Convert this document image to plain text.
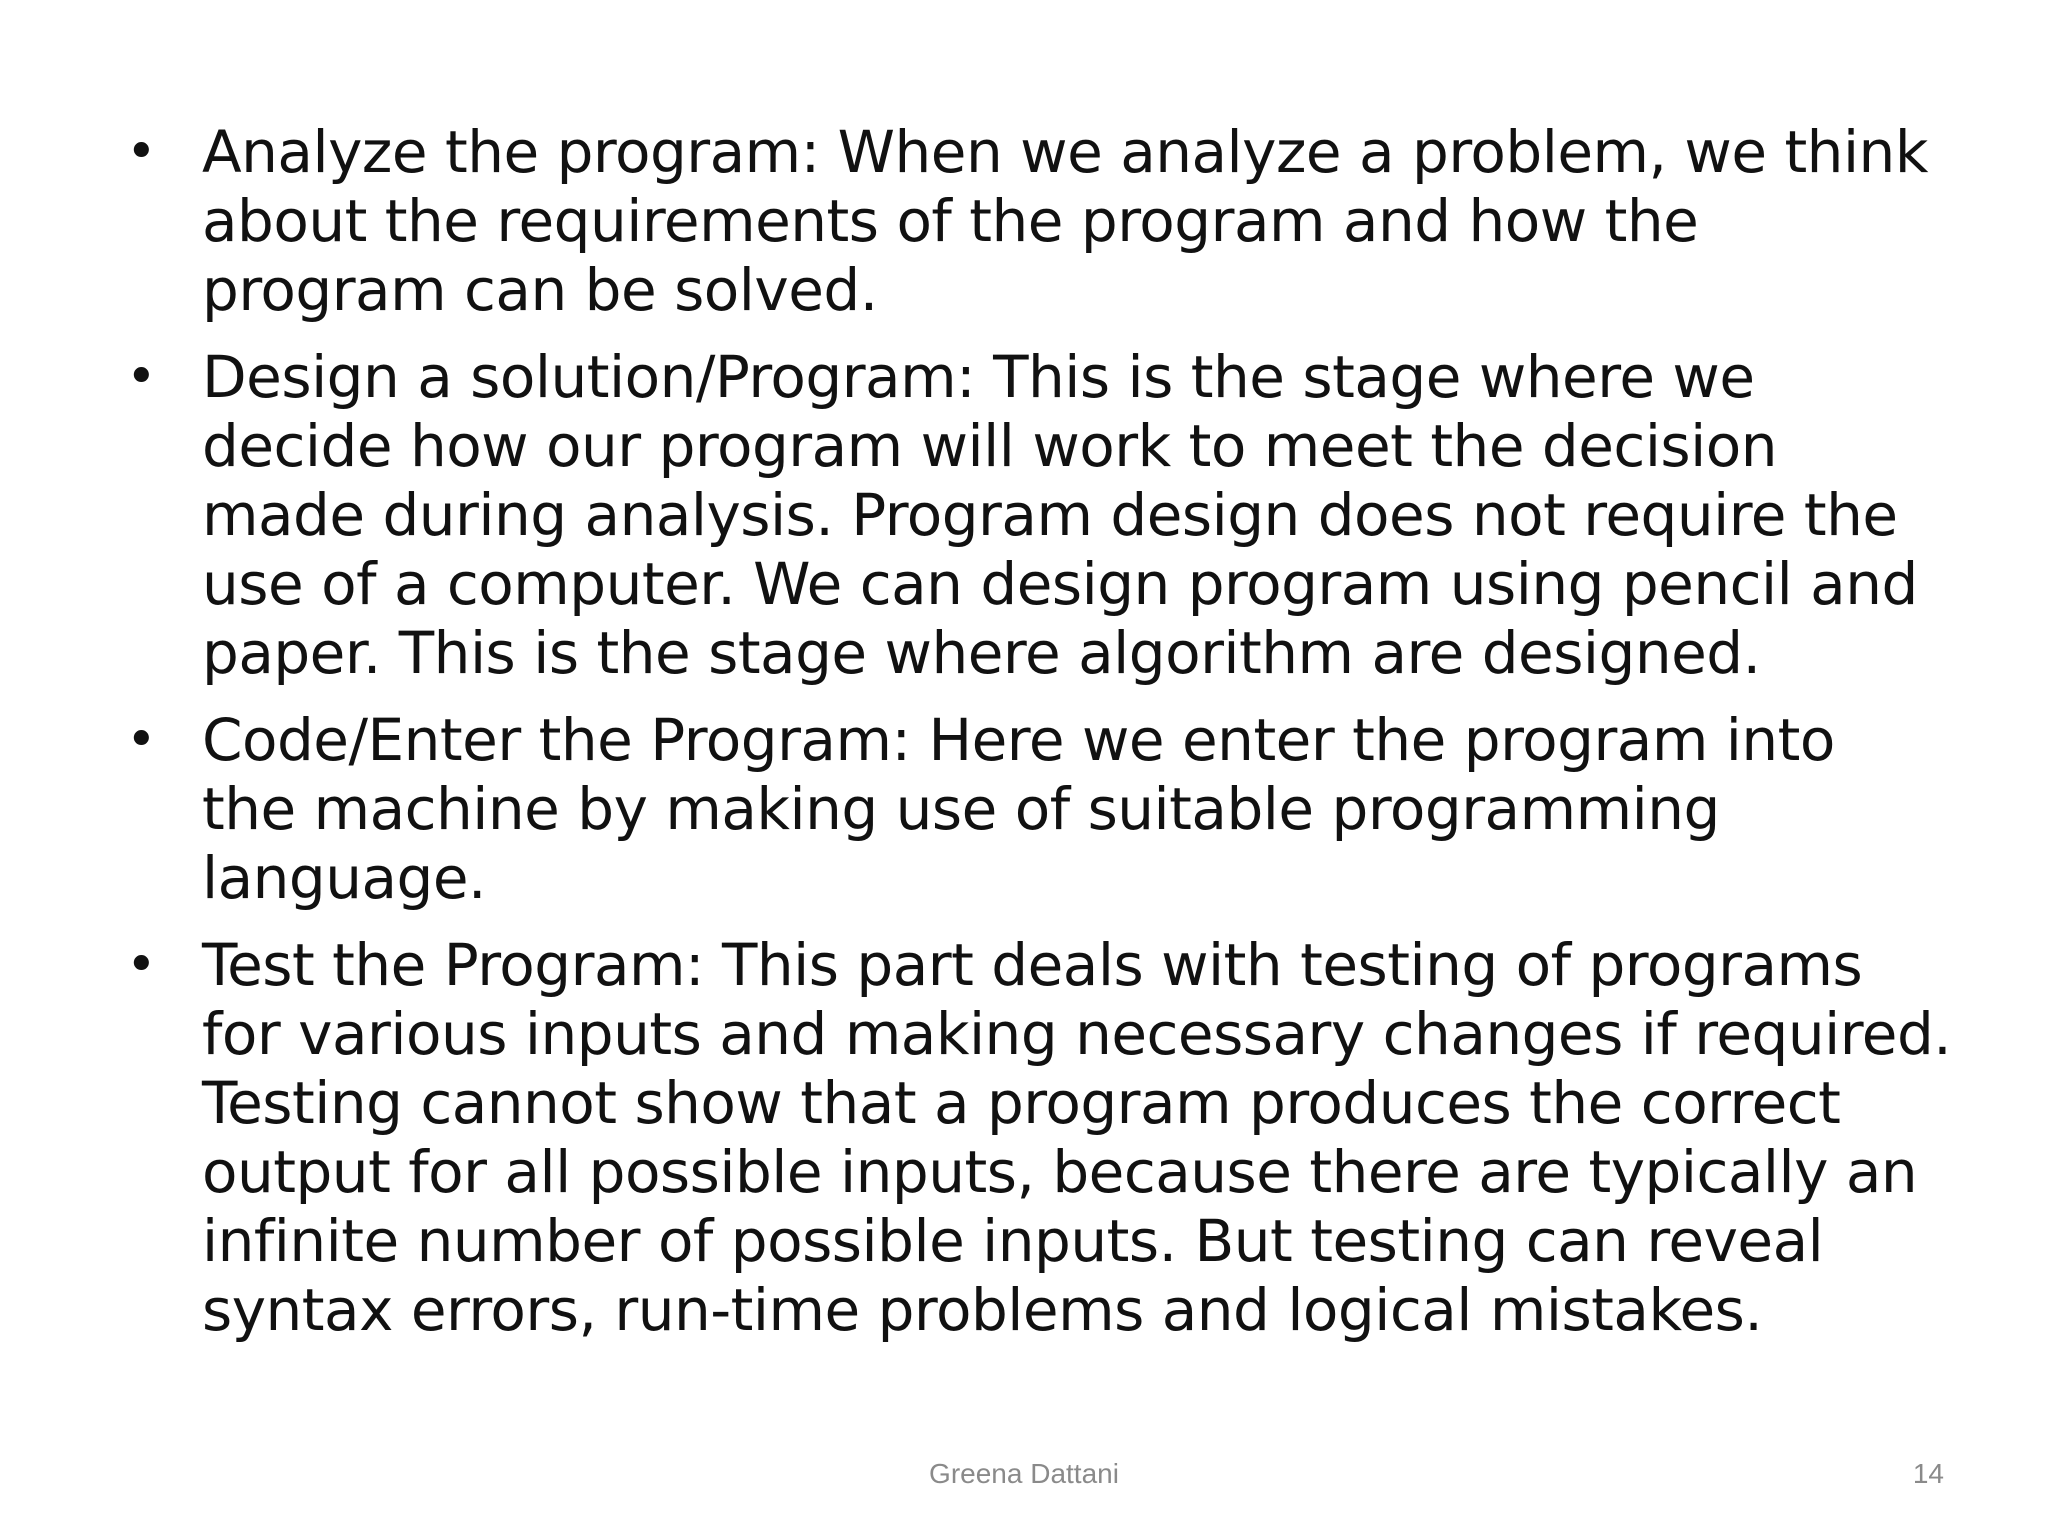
• Analyze the program: When we analyze a problem, we think
about the requirements of the program and how the
program can be solved.
• Design a solution/Program: This is the stage where we
decide how our program will work to meet the decision
made during analysis. Program design does not require the
use of a computer. We can design program using pencil and
paper. This is the stage where algorithm are designed.
• Code/Enter the Program: Here we enter the program into
the machine by making use of suitable programming
language.
• Test the Program: This part deals with testing of programs
for various inputs and making necessary changes if required.
Testing cannot show that a program produces the correct
output for all possible inputs, because there are typically an
infinite number of possible inputs. But testing can reveal
syntax errors, run-time problems and logical mistakes.
Greena Dattani	14
